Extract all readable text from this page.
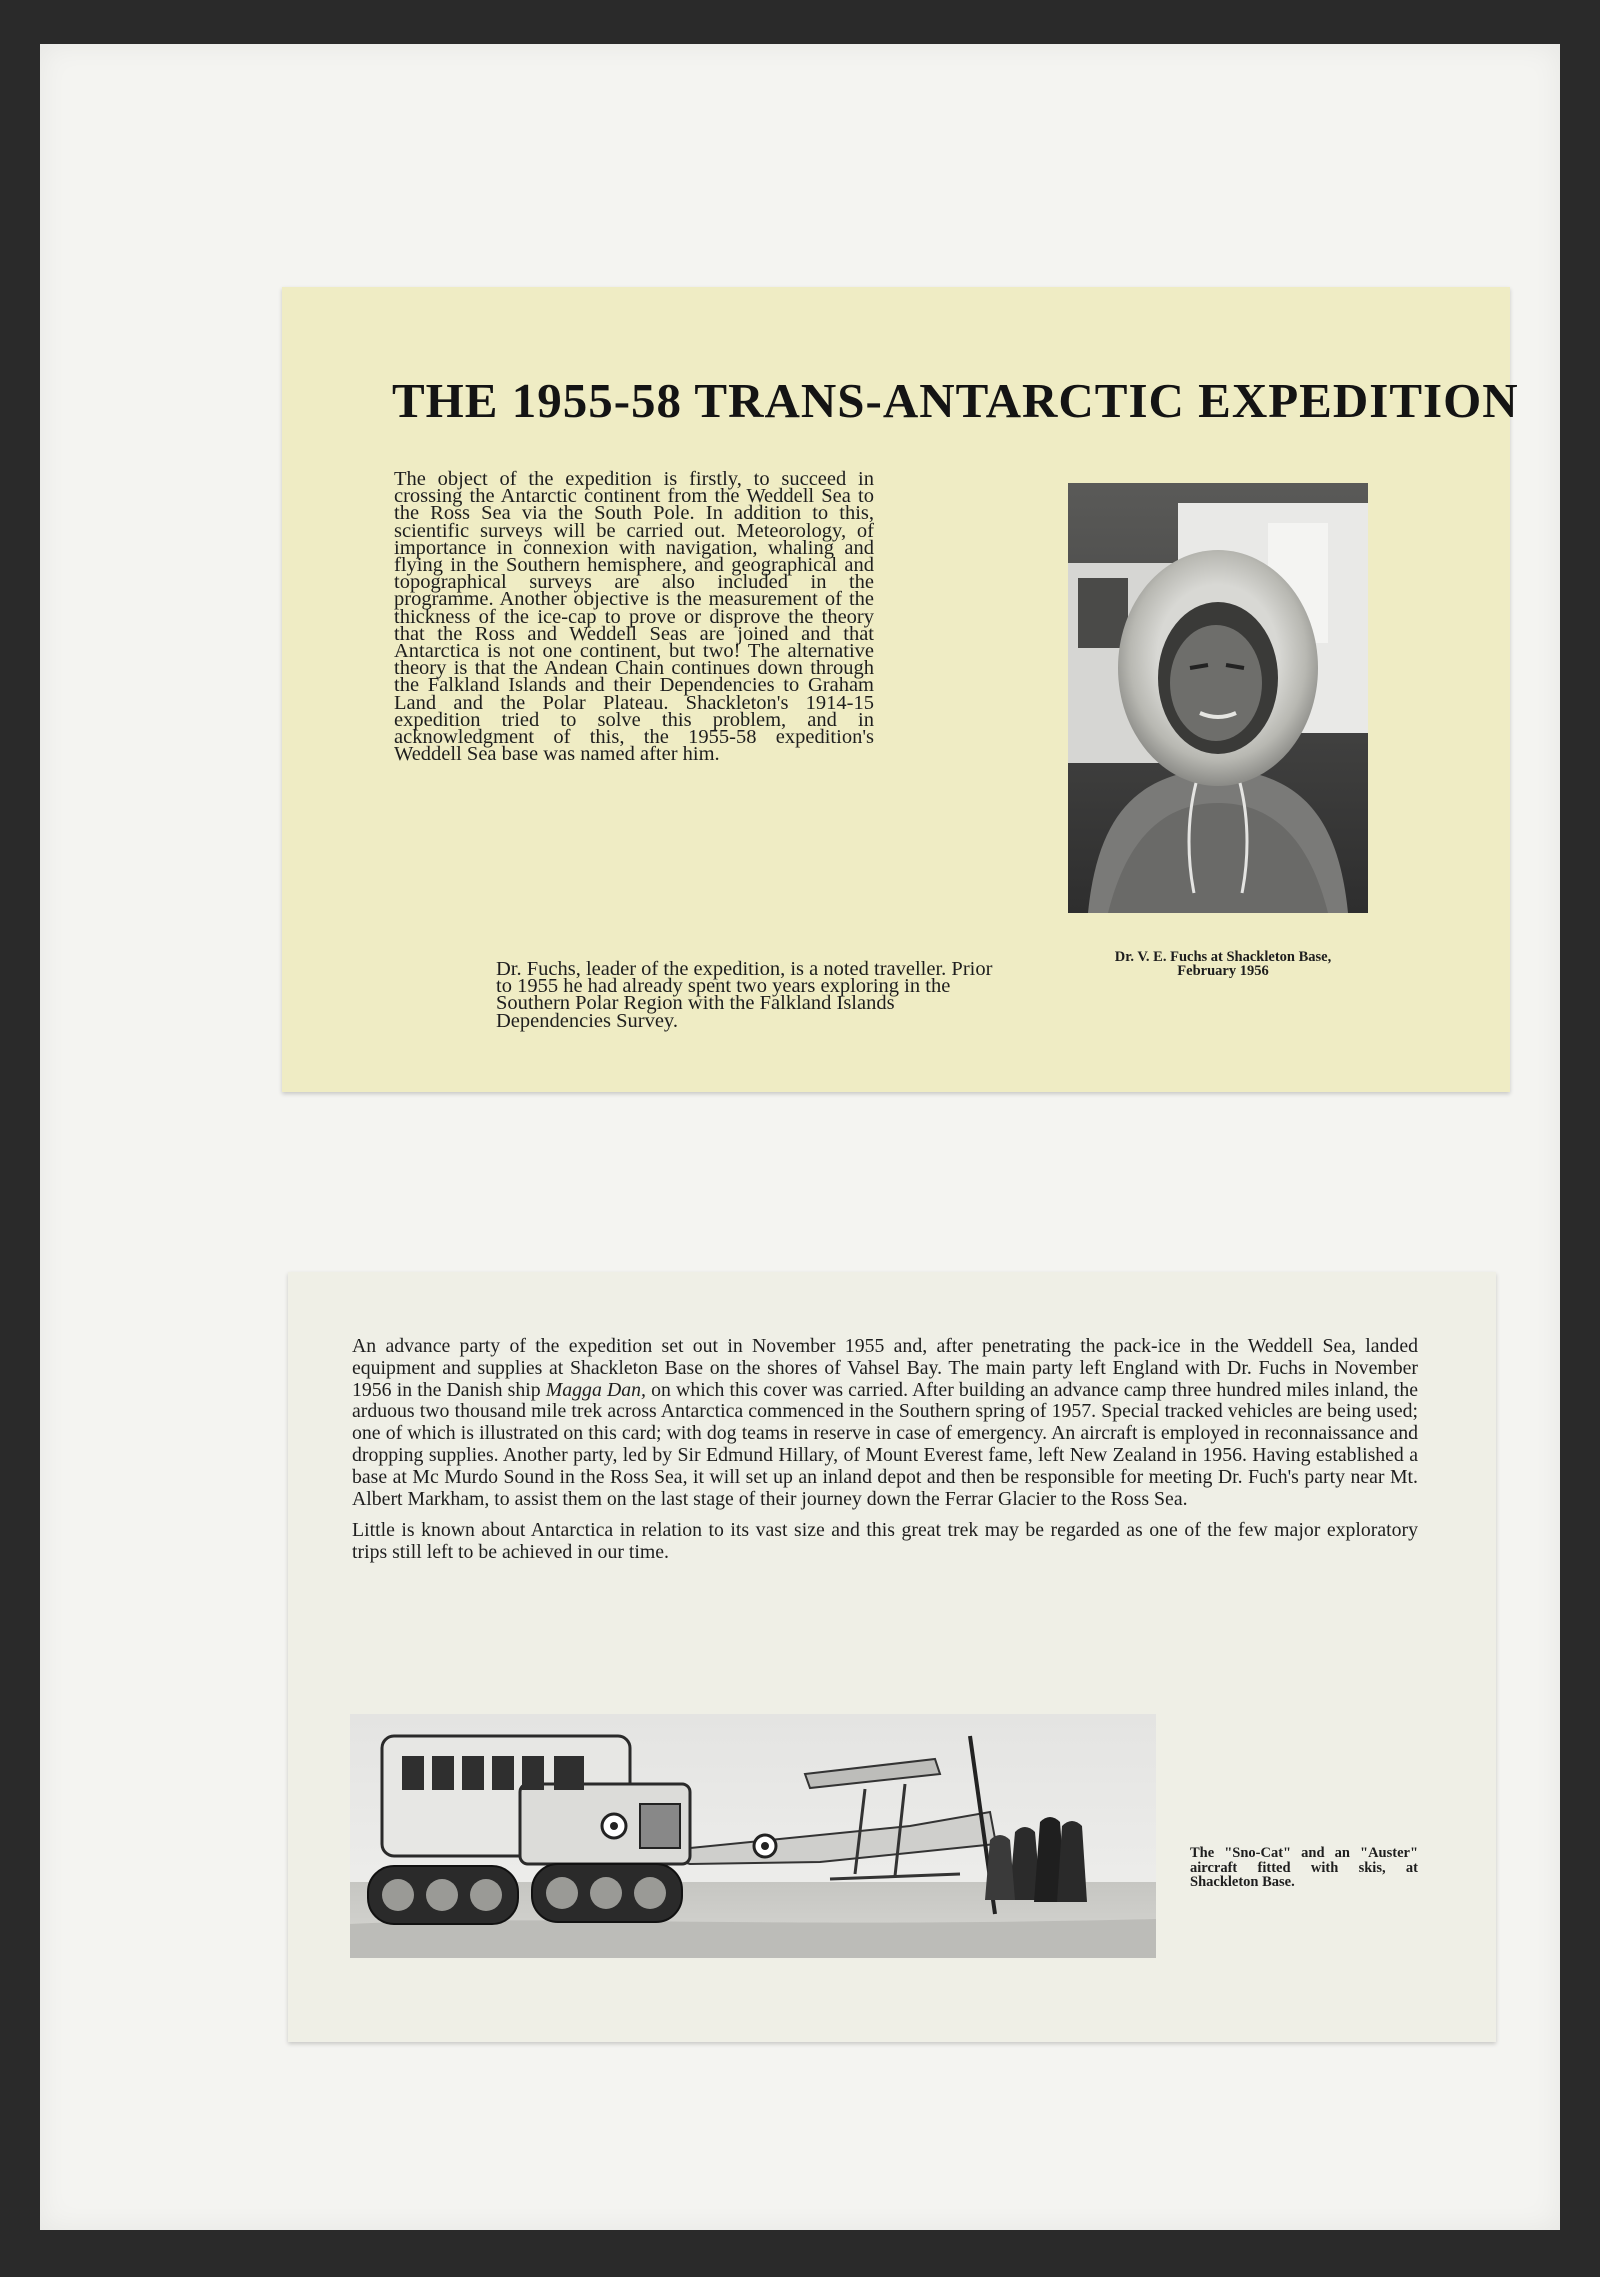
THE 1955-58 TRANS-ANTARCTIC EXPEDITION

The object of the expedition is firstly, to succeed in crossing the Antarctic continent from the Weddell Sea to the Ross Sea via the South Pole. In addition to this, scientific surveys will be carried out. Meteorology, of importance in connexion with navigation, whaling and flying in the Southern hemisphere, and geographical and topographical surveys are also included in the programme. Another objective is the measurement of the thickness of the ice-cap to prove or disprove the theory that the Ross and Weddell Seas are joined and that Antarctica is not one continent, but two! The alternative theory is that the Andean Chain continues down through the Falkland Islands and their Dependencies to Graham Land and the Polar Plateau. Shackleton's 1914-15 expedition tried to solve this problem, and in acknowledgment of this, the 1955-58 expedition's Weddell Sea base was named after him.

Dr. V. E. Fuchs at Shackleton Base,
February 1956

Dr. Fuchs, leader of the expedition, is a noted traveller. Prior to 1955 he had already spent two years exploring in the Southern Polar Region with the Falkland Islands Dependencies Survey.

An advance party of the expedition set out in November 1955 and, after penetrating the pack-ice in the Weddell Sea, landed equipment and supplies at Shackleton Base on the shores of Vahsel Bay. The main party left England with Dr. Fuchs in November 1956 in the Danish ship Magga Dan, on which this cover was carried. After building an advance camp three hundred miles inland, the arduous two thousand mile trek across Antarctica commenced in the Southern spring of 1957. Special tracked vehicles are being used; one of which is illustrated on this card; with dog teams in reserve in case of emergency. An aircraft is employed in reconnaissance and dropping supplies. Another party, led by Sir Edmund Hillary, of Mount Everest fame, left New Zealand in 1956. Having established a base at Mc Murdo Sound in the Ross Sea, it will set up an inland depot and then be responsible for meeting Dr. Fuch's party near Mt. Albert Markham, to assist them on the last stage of their journey down the Ferrar Glacier to the Ross Sea.

Little is known about Antarctica in relation to its vast size and this great trek may be regarded as one of the few major exploratory trips still left to be achieved in our time.

The "Sno-Cat" and an "Auster" aircraft fitted with skis, at Shackleton Base.
